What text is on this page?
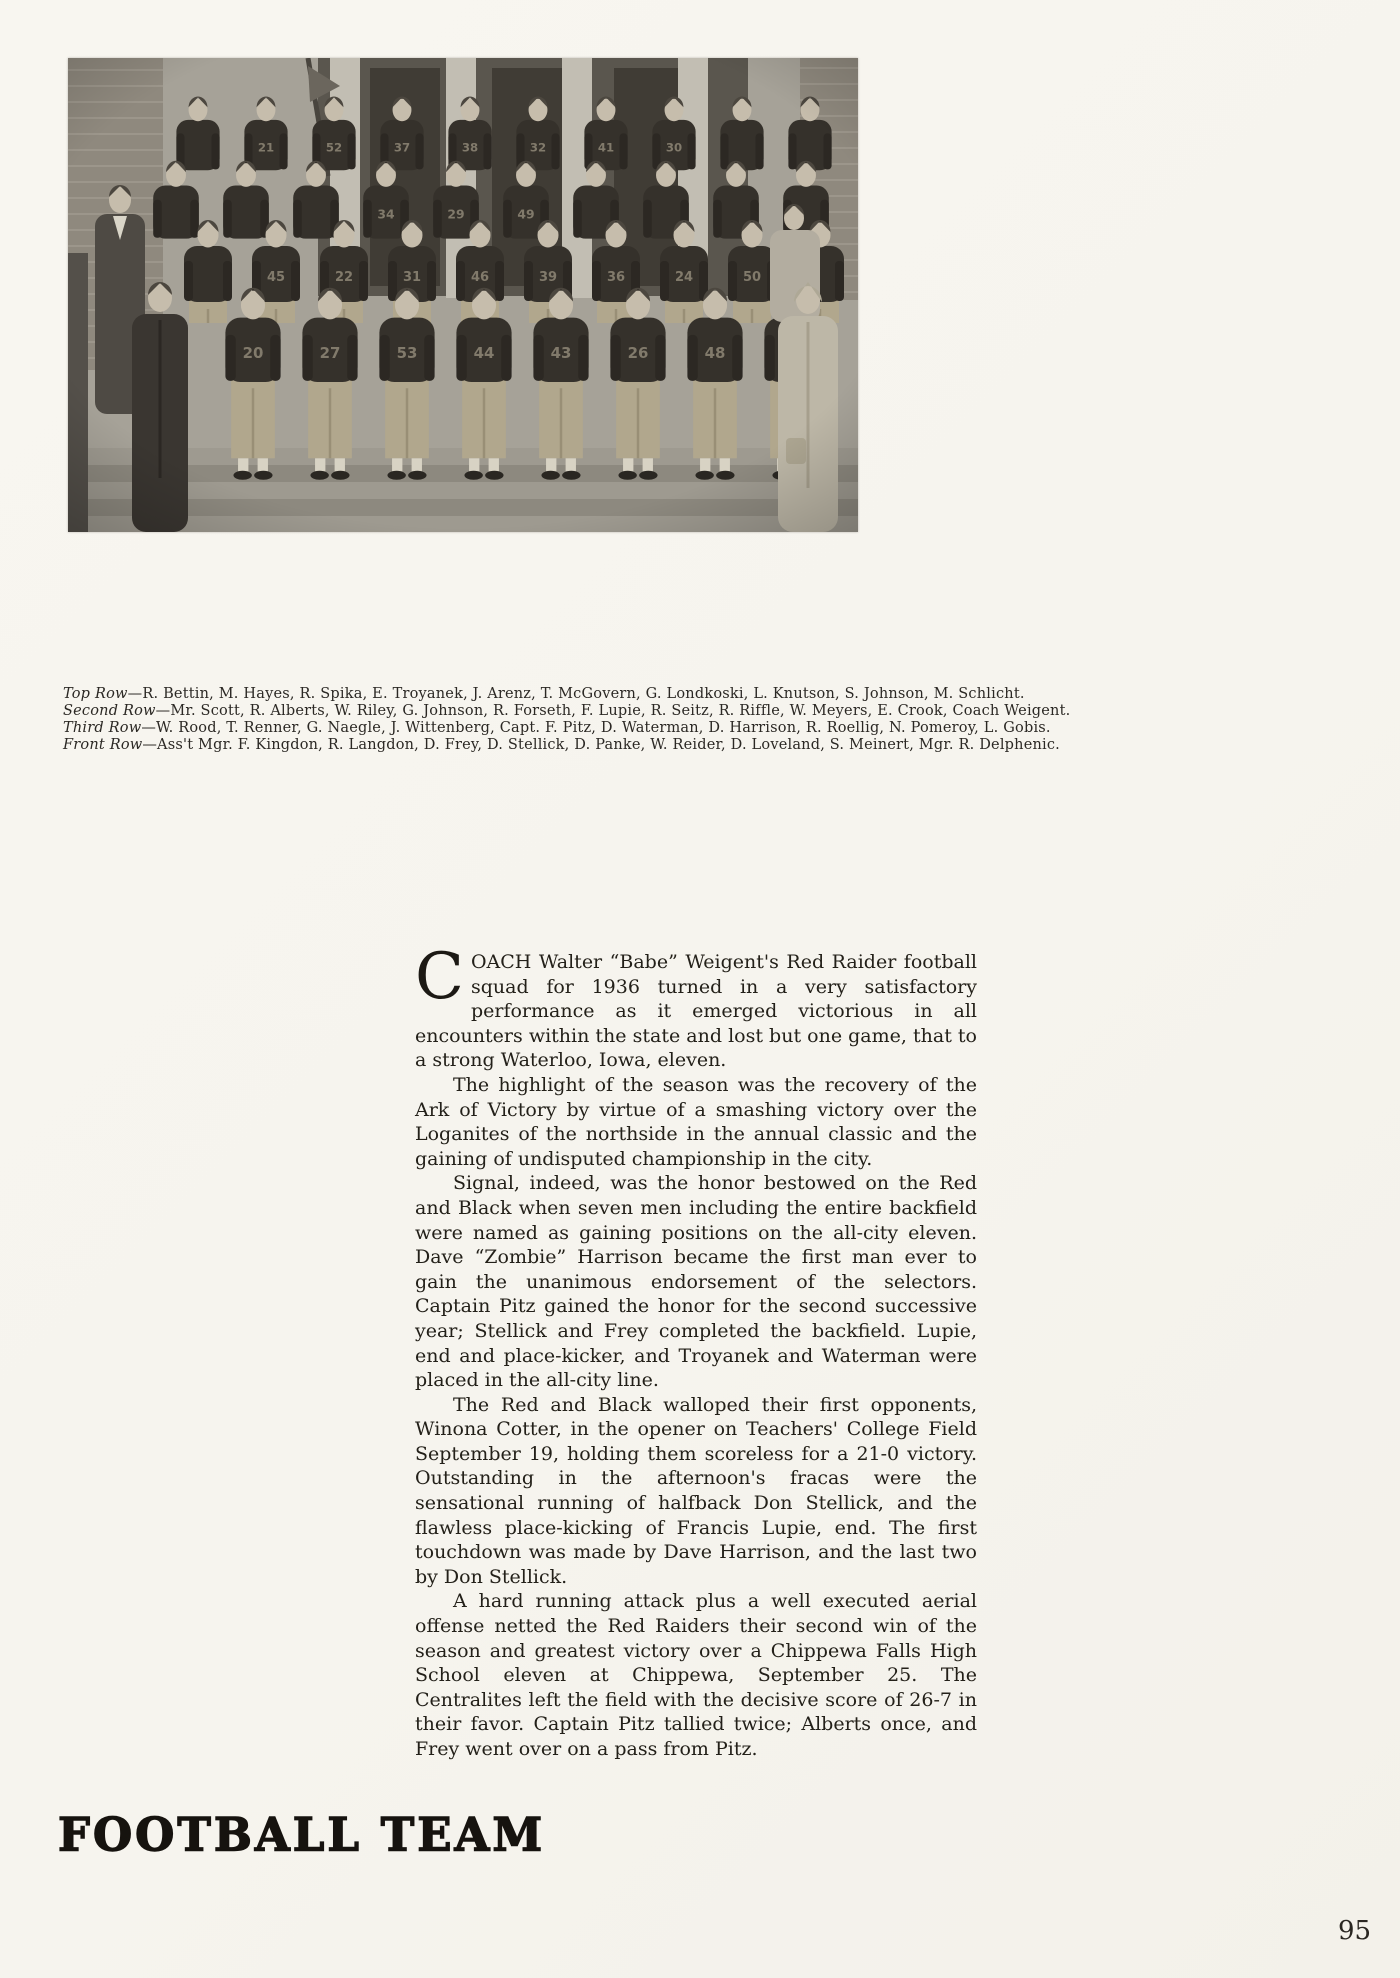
Top Row—R. Bettin, M. Hayes, R. Spika, E. Troyanek, J. Arenz, T. McGovern, G. Londkoski, L. Knutson, S. Johnson, M. Schlicht.

Second Row—Mr. Scott, R. Alberts, W. Riley, G. Johnson, R. Forseth, F. Lupie, R. Seitz, R. Riffle, W. Meyers, E. Crook, Coach Weigent.

Third Row—W. Rood, T. Renner, G. Naegle, J. Wittenberg, Capt. F. Pitz, D. Waterman, D. Harrison, R. Roellig, N. Pomeroy, L. Gobis.

Front Row—Ass't Mgr. F. Kingdon, R. Langdon, D. Frey, D. Stellick, D. Panke, W. Reider, D. Loveland, S. Meinert, Mgr. R. Delphenic.

COACH Walter “Babe” Weigent's Red Raider football squad for 1936 turned in a very satisfactory performance as it emerged victorious in all encounters within the state and lost but one game, that to a strong Waterloo, Iowa, eleven.

The highlight of the season was the recovery of the Ark of Victory by virtue of a smashing victory over the Loganites of the northside in the annual classic and the gaining of undisputed championship in the city.

Signal, indeed, was the honor bestowed on the Red and Black when seven men including the entire backfield were named as gaining positions on the all-city eleven. Dave “Zombie” Harrison became the first man ever to gain the unanimous endorsement of the selectors. Captain Pitz gained the honor for the second successive year; Stellick and Frey completed the backfield. Lupie, end and place-kicker, and Troyanek and Waterman were placed in the all-city line.

The Red and Black walloped their first opponents, Winona Cotter, in the opener on Teachers' College Field September 19, holding them scoreless for a 21-0 victory. Outstanding in the afternoon's fracas were the sensational running of halfback Don Stellick, and the flawless place-kicking of Francis Lupie, end. The first touchdown was made by Dave Harrison, and the last two by Don Stellick.

A hard running attack plus a well executed aerial offense netted the Red Raiders their second win of the season and greatest victory over a Chippewa Falls High School eleven at Chippewa, September 25. The Centralites left the field with the decisive score of 26-7 in their favor. Captain Pitz tallied twice; Alberts once, and Frey went over on a pass from Pitz.

FOOTBALL TEAM
95
